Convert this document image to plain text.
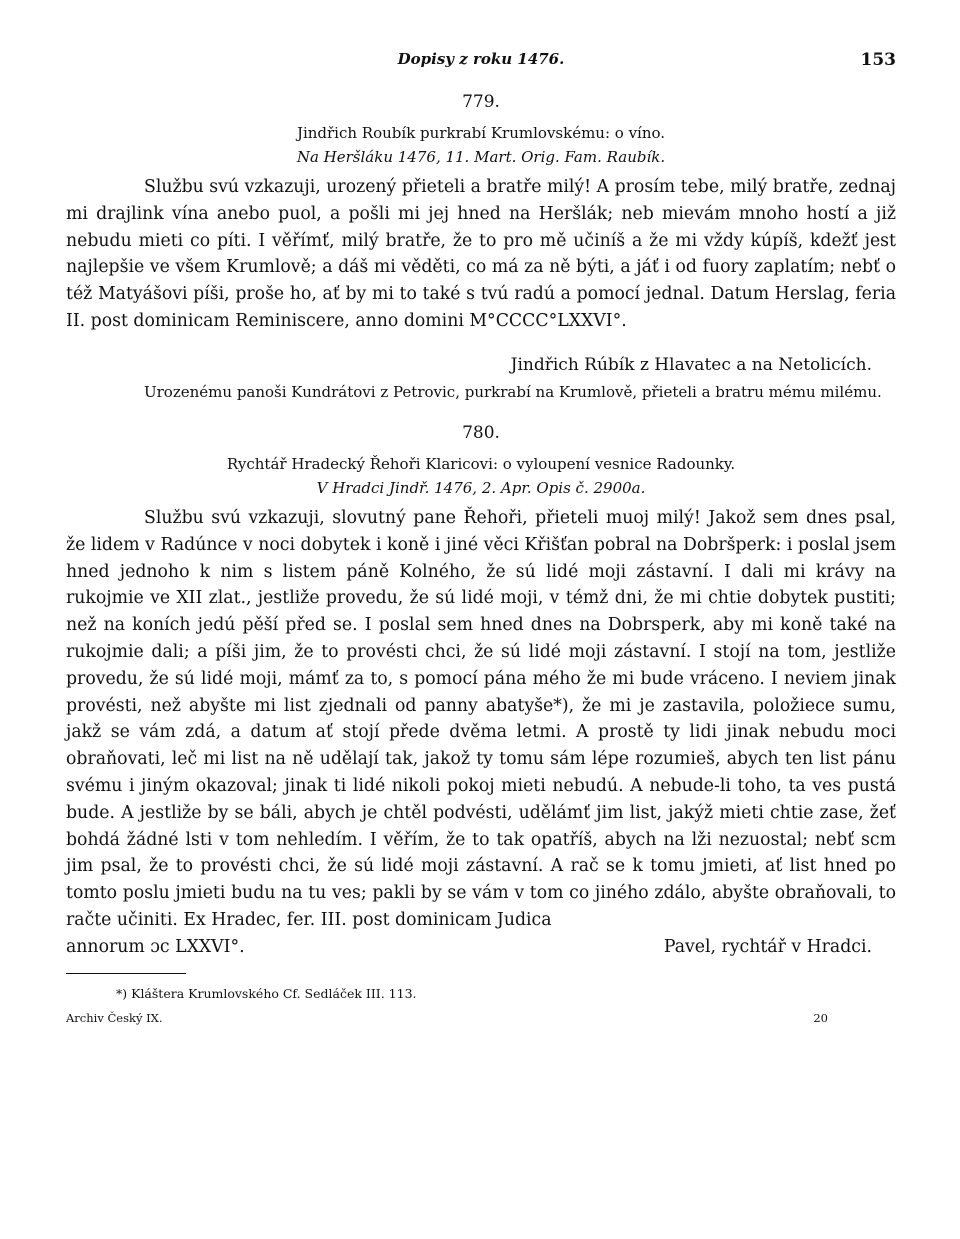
Dopisy z roku 1476.	153
779.
Jindřich Roubík purkrabí Krumlovskému: o víno.
Na Heršláku 1476, 11. Mart. Orig. Fam. Raubík.

Službu svú vzkazuji, urozený přieteli a bratře milý! A prosím tebe, milý bratře, zednaj mi drajlink vína anebo puol, a pošli mi jej hned na Heršlák; neb mievám mnoho hostí a již nebudu mieti co píti. I věřímť, milý bratře, že to pro mě učiníš a že mi vždy kúpíš, kdežť jest najlepšie ve všem Krumlově; a dáš mi věděti, co má za ně býti, a jáť i od fuory zaplatím; nebť o též Matyášovi píši, proše ho, ať by mi to také s tvú radú a pomocí jednal. Datum Herslag, feria II. post dominicam Reminiscere, anno domini M°CCCC°LXXVI°.

Jindřich Rúbík z Hlavatec a na Netolicích.

Urozenému panoši Kundrátovi z Petrovic, purkrabí na Krumlově, přieteli a bratru mému milému.

780.
Rychtář Hradecký Řehoři Klaricovi: o vyloupení vesnice Radounky.
V Hradci Jindř. 1476, 2. Apr. Opis č. 2900a.

Službu svú vzkazuji, slovutný pane Řehoři, přieteli muoj milý! Jakož sem dnes psal, že lidem v Radúnce v noci dobytek i koně i jiné věci Křišťan pobral na Dobršperk: i poslal jsem hned jednoho k nim s listem páně Kolného, že sú lidé moji zástavní. I dali mi krávy na rukojmie ve XII zlat., jestliže provedu, že sú lidé moji, v témž dni, že mi chtie dobytek pustiti; než na koních jedú pěší před se. I poslal sem hned dnes na Dobrsperk, aby mi koně také na rukojmie dali; a píši jim, že to provésti chci, že sú lidé moji zástavní. I stojí na tom, jestliže provedu, že sú lidé moji, mámť za to, s pomocí pána mého že mi bude vráceno. I neviem jinak provésti, než abyšte mi list zjednali od panny abatyše*), že mi je zastavila, položiece sumu, jakž se vám zdá, a datum ať stojí přede dvěma letmi. A prostě ty lidi jinak nebudu moci obraňovati, leč mi list na ně udělají tak, jakož ty tomu sám lépe rozumieš, abych ten list pánu svému i jiným okazoval; jinak ti lidé nikoli pokoj mieti nebudú. A nebude-li toho, ta ves pustá bude. A jestliže by se báli, abych je chtěl podvésti, udělámť jim list, jakýž mieti chtie zase, žeť bohdá žádné lsti v tom nehledím. I věřím, že to tak opatříš, abych na lži nezuostal; nebť scm jim psal, že to provésti chci, že sú lidé moji zástavní. A rač se k tomu jmieti, ať list hned po tomto poslu jmieti budu na tu ves; pakli by se vám v tom co jiného zdálo, abyšte obraňovali, to račte učiniti. Ex Hradec, fer. III. post dominicam Judica

annorum ɔc LXXVI°.	Pavel, rychtář v Hradci.
*) Kláštera Krumlovského Cf. Sedláček III. 113.
Archiv Český IX.	20
